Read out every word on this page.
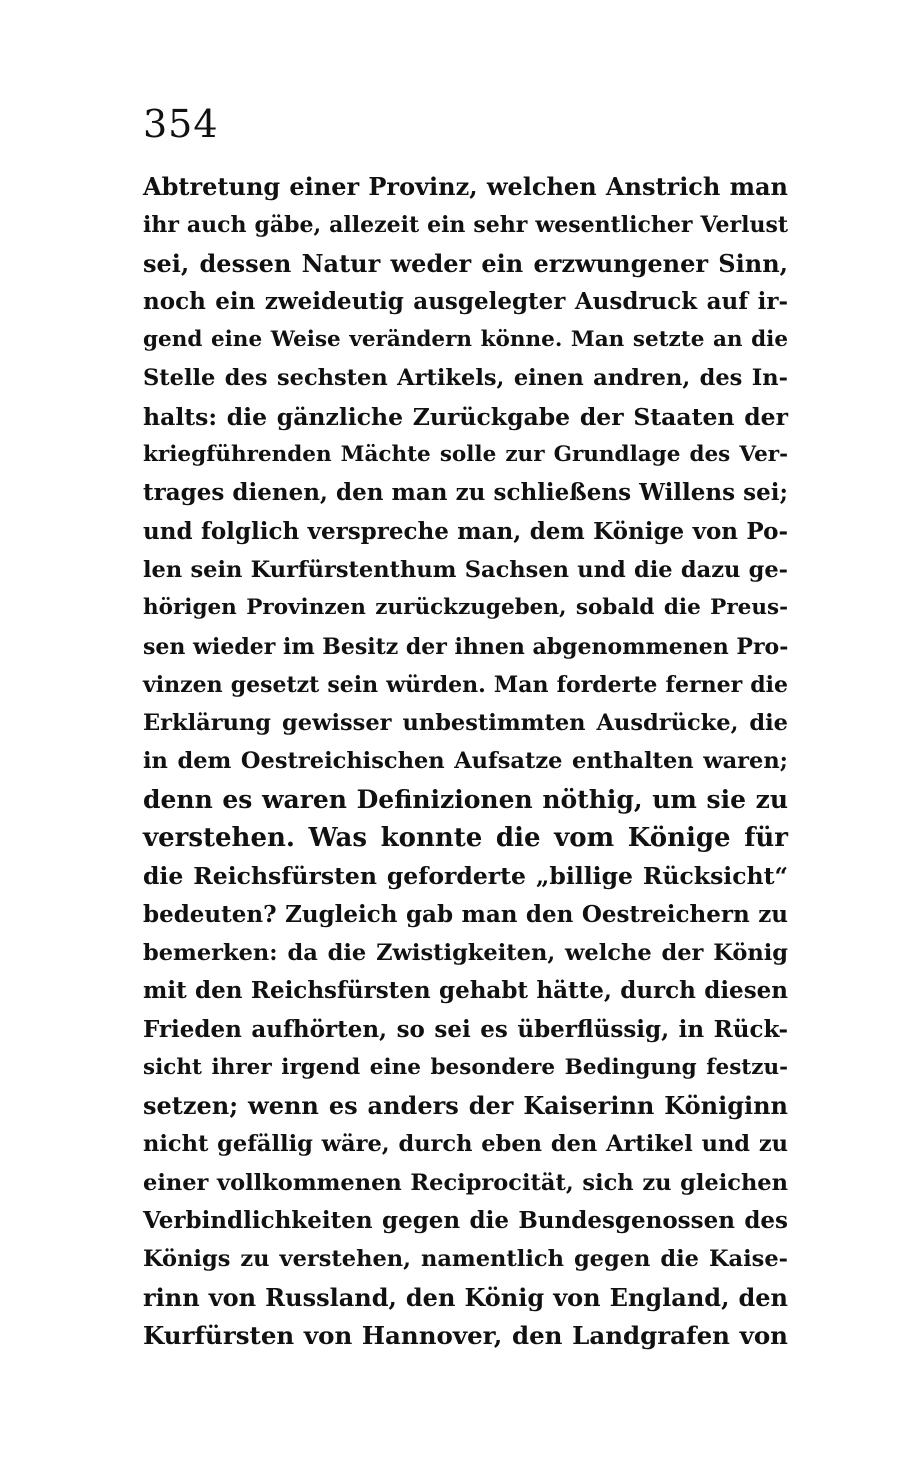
354
Abtretung einer Provinz, welchen Anstrich man
ihr auch gäbe, allezeit ein sehr wesentlicher Verlust
sei, dessen Natur weder ein erzwungener Sinn,
noch ein zweideutig ausgelegter Ausdruck auf ir-
gend eine Weise verändern könne. Man setzte an die
Stelle des sechsten Artikels, einen andren, des In-
halts: die gänzliche Zurückgabe der Staaten der
kriegführenden Mächte solle zur Grundlage des Ver-
trages dienen, den man zu schließens Willens sei;
und folglich verspreche man, dem Könige von Po-
len sein Kurfürstenthum Sachsen und die dazu ge-
hörigen Provinzen zurückzugeben, sobald die Preus-
sen wieder im Besitz der ihnen abgenommenen Pro-
vinzen gesetzt sein würden. Man forderte ferner die
Erklärung gewisser unbestimmten Ausdrücke, die
in dem Oestreichischen Aufsatze enthalten waren;
denn es waren Definizionen nöthig, um sie zu
verstehen. Was konnte die vom Könige für
die Reichsfürsten geforderte „billige Rücksicht“
bedeuten? Zugleich gab man den Oestreichern zu
bemerken: da die Zwistigkeiten, welche der König
mit den Reichsfürsten gehabt hätte, durch diesen
Frieden aufhörten, so sei es überflüssig, in Rück-
sicht ihrer irgend eine besondere Bedingung festzu-
setzen; wenn es anders der Kaiserinn Königinn
nicht gefällig wäre, durch eben den Artikel und zu
einer vollkommenen Reciprocität, sich zu gleichen
Verbindlichkeiten gegen die Bundesgenossen des
Königs zu verstehen, namentlich gegen die Kaise-
rinn von Russland, den König von England, den
Kurfürsten von Hannover, den Landgrafen von
